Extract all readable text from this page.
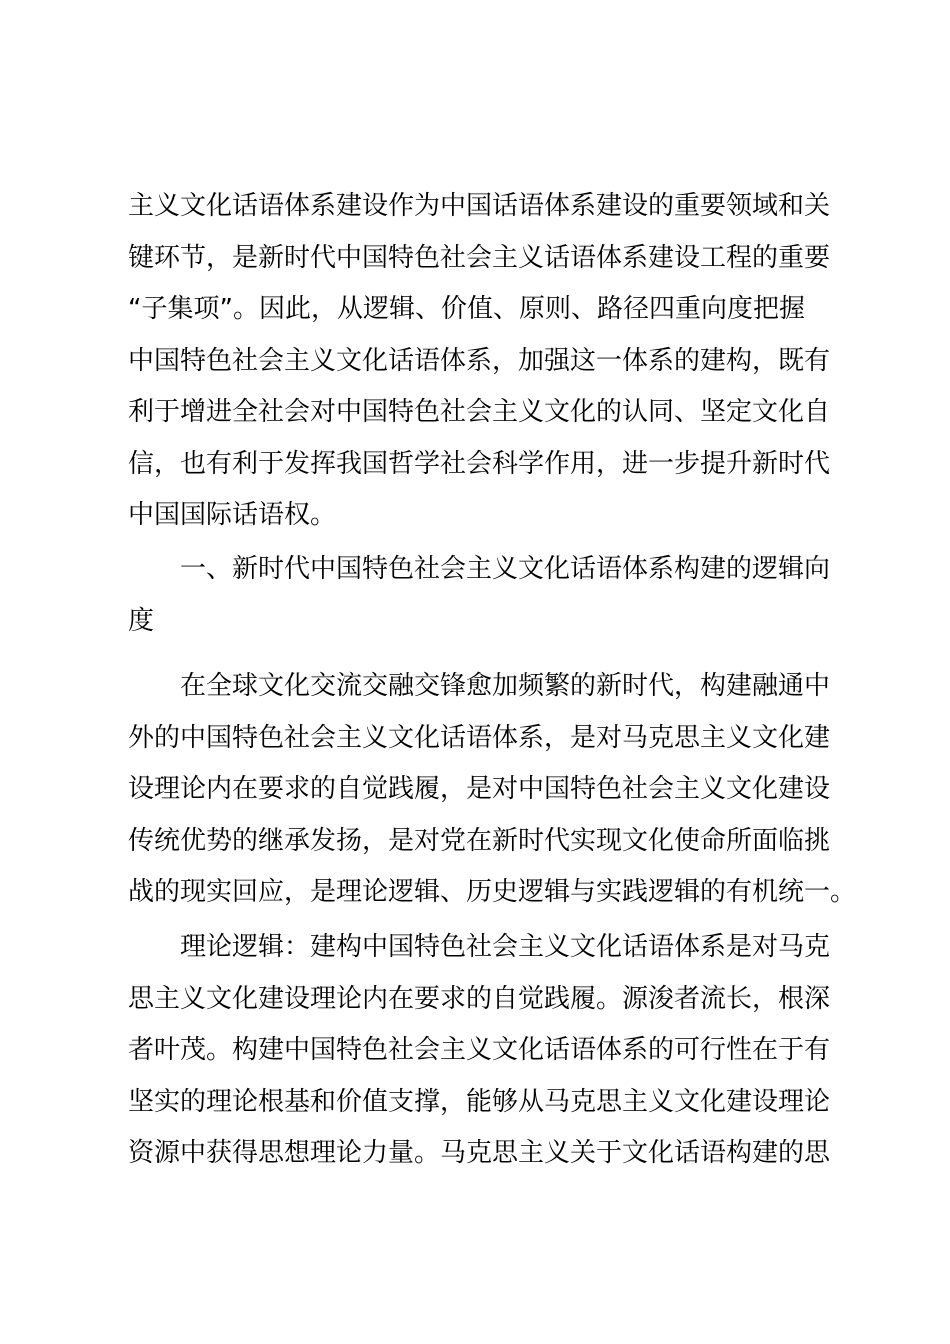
主义文化话语体系建设作为中国话语体系建设的重要领域和关
键环节，是新时代中国特色社会主义话语体系建设工程的重要
“子集项”。因此，从逻辑、价值、原则、路径四重向度把握
中国特色社会主义文化话语体系，加强这一体系的建构，既有
利于增进全社会对中国特色社会主义文化的认同、坚定文化自
信，也有利于发挥我国哲学社会科学作用，进一步提升新时代
中国国际话语权。
一、新时代中国特色社会主义文化话语体系构建的逻辑向
度
在全球文化交流交融交锋愈加频繁的新时代，构建融通中
外的中国特色社会主义文化话语体系，是对马克思主义文化建
设理论内在要求的自觉践履，是对中国特色社会主义文化建设
传统优势的继承发扬，是对党在新时代实现文化使命所面临挑
战的现实回应，是理论逻辑、历史逻辑与实践逻辑的有机统一。
理论逻辑：建构中国特色社会主义文化话语体系是对马克
思主义文化建设理论内在要求的自觉践履。源浚者流长，根深
者叶茂。构建中国特色社会主义文化话语体系的可行性在于有
坚实的理论根基和价值支撑，能够从马克思主义文化建设理论
资源中获得思想理论力量。马克思主义关于文化话语构建的思
